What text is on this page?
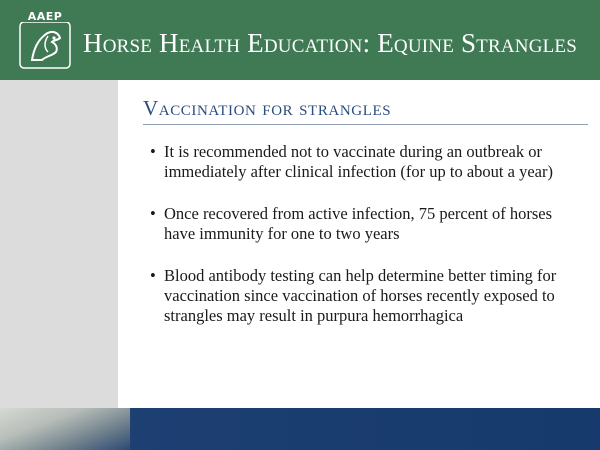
AAEP
Horse Health Education: Equine Strangles
Vaccination for strangles
• It is recommended not to vaccinate during an outbreak or immediately after clinical infection (for up to about a year)
• Once recovered from active infection, 75 percent of horses have immunity for one to two years
• Blood antibody testing can help determine better timing for vaccination since vaccination of horses recently exposed to strangles may result in purpura hemorrhagica
